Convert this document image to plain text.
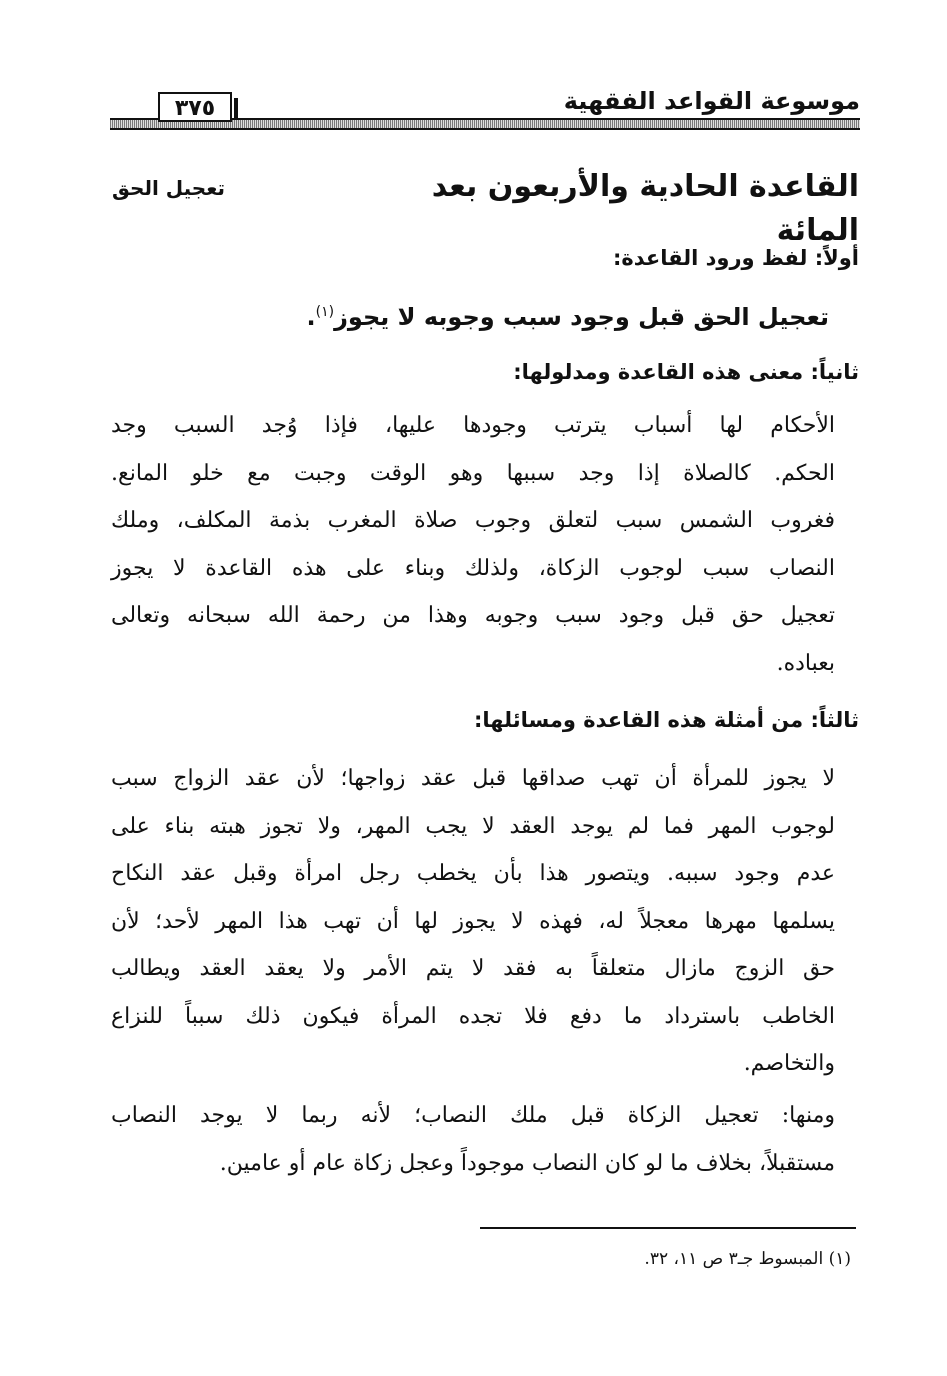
موسوعة القواعد الفقهية
٣٧٥
القاعدة الحادية والأربعون بعد المائة
تعجيل الحق
أولاً: لفظ ورود القاعدة:
تعجيل الحق قبل وجود سبب وجوبه لا يجوز$^{(١)}$.
ثانياً: معنى هذه القاعدة ومدلولها:
الأحكام لها أسباب يترتب وجودها عليها، فإذا وُجد السبب وجد
الحكم. كالصلاة إذا وجد سببها وهو الوقت وجبت مع خلو المانع.
فغروب الشمس سبب لتعلق وجوب صلاة المغرب بذمة المكلف، وملك
النصاب سبب لوجوب الزكاة، ولذلك وبناء على هذه القاعدة لا يجوز
تعجيل حق قبل وجود سبب وجوبه وهذا من رحمة الله سبحانه وتعالى
بعباده.
ثالثاً: من أمثلة هذه القاعدة ومسائلها:
لا يجوز للمرأة أن تهب صداقها قبل عقد زواجها؛ لأن عقد الزواج سبب
لوجوب المهر فما لم يوجد العقد لا يجب المهر، ولا تجوز هبته بناء على
عدم وجود سببه. ويتصور هذا بأن يخطب رجل امرأة وقبل عقد النكاح
يسلمها مهرها معجلاً له، فهذه لا يجوز لها أن تهب هذا المهر لأحد؛ لأن
حق الزوج مازال متعلقاً به فقد لا يتم الأمر ولا يعقد العقد ويطالب
الخاطب باسترداد ما دفع فلا تجده المرأة فيكون ذلك سبباً للنزاع
والتخاصم.
ومنها: تعجيل الزكاة قبل ملك النصاب؛ لأنه ربما لا يوجد النصاب
مستقبلاً، بخلاف ما لو كان النصاب موجوداً وعجل زكاة عام أو عامين.
(١) المبسوط جـ٣ ص ١١، ٣٢.
